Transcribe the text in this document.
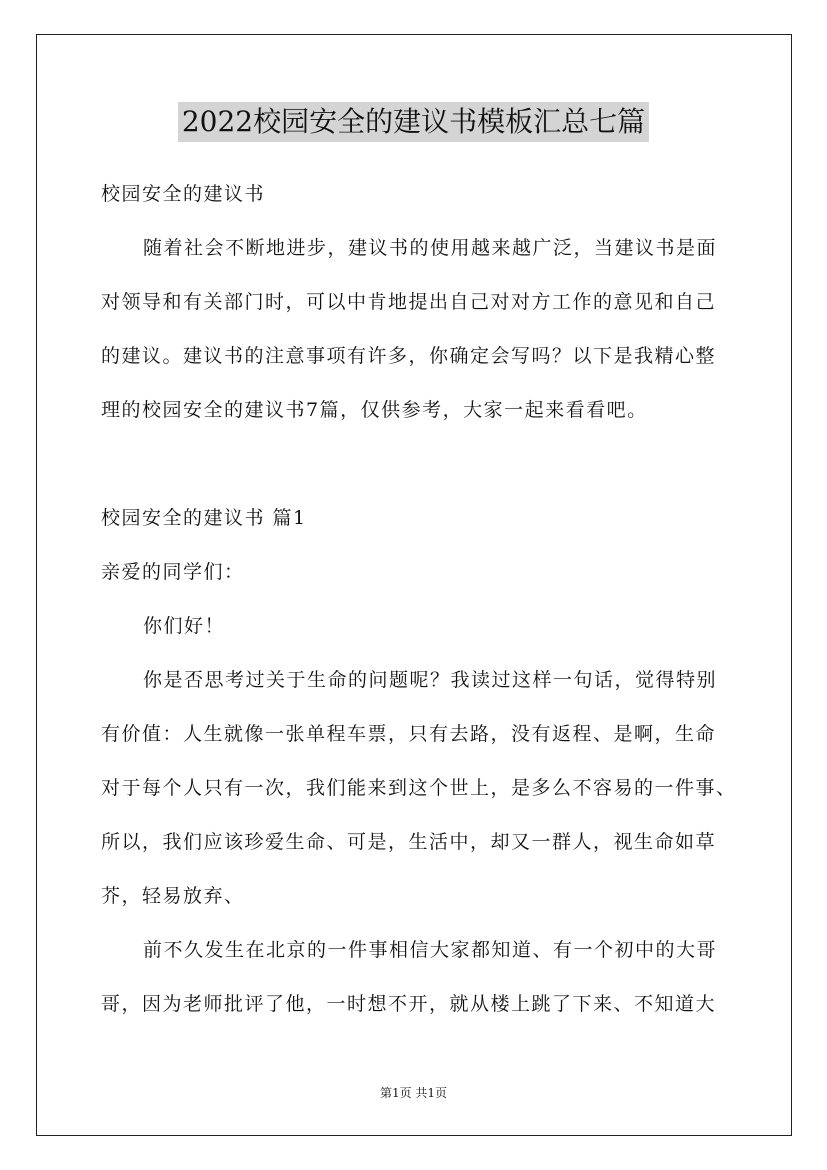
2022校园安全的建议书模板汇总七篇
校园安全的建议书
随着社会不断地进步，建议书的使用越来越广泛，当建议书是面
对领导和有关部门时，可以中肯地提出自己对对方工作的意见和自己
的建议。建议书的注意事项有许多，你确定会写吗？以下是我精心整
理的校园安全的建议书7篇，仅供参考，大家一起来看看吧。
校园安全的建议书 篇1
亲爱的同学们：
你们好！
你是否思考过关于生命的问题呢？我读过这样一句话，觉得特别
有价值：人生就像一张单程车票，只有去路，没有返程、是啊，生命
对于每个人只有一次，我们能来到这个世上，是多么不容易的一件事、
所以，我们应该珍爱生命、可是，生活中，却又一群人，视生命如草
芥，轻易放弃、
前不久发生在北京的一件事相信大家都知道、有一个初中的大哥
哥，因为老师批评了他，一时想不开，就从楼上跳了下来、不知道大
第1页 共1页
